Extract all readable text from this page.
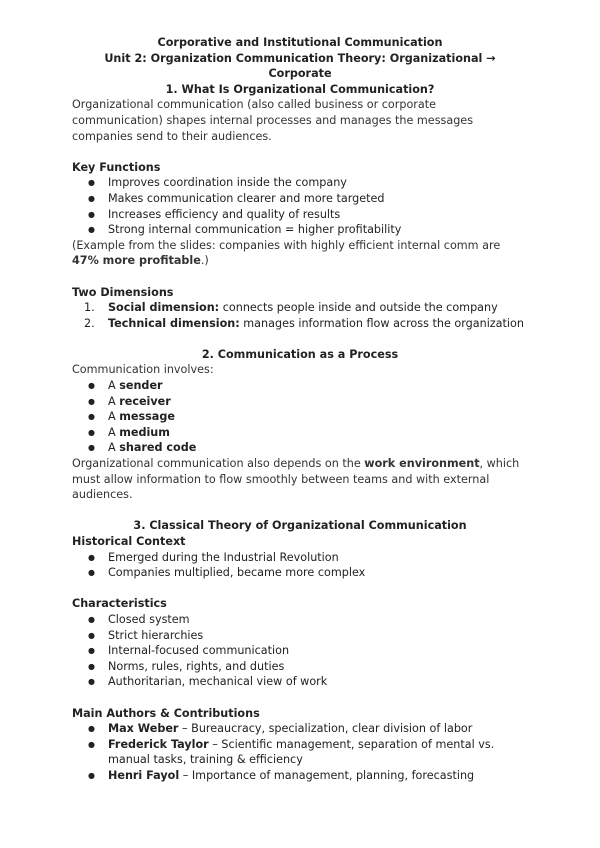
Corporative and Institutional Communication

Unit 2: Organization Communication Theory: Organizational → Corporate

1. What Is Organizational Communication?

Organizational communication (also called business or corporate communication) shapes internal processes and manages the messages companies send to their audiences.

Key Functions

● Improves coordination inside the company
● Makes communication clearer and more targeted
● Increases efficiency and quality of results
● Strong internal communication = higher profitability

(Example from the slides: companies with highly efficient internal comm are 47% more profitable.)

Two Dimensions

1. Social dimension: connects people inside and outside the company
2. Technical dimension: manages information flow across the organization

2. Communication as a Process

Communication involves:

● A sender
● A receiver
● A message
● A medium
● A shared code

Organizational communication also depends on the work environment, which must allow information to flow smoothly between teams and with external audiences.

3. Classical Theory of Organizational Communication

Historical Context

● Emerged during the Industrial Revolution
● Companies multiplied, became more complex

Characteristics

● Closed system
● Strict hierarchies
● Internal-focused communication
● Norms, rules, rights, and duties
● Authoritarian, mechanical view of work

Main Authors & Contributions

● Max Weber – Bureaucracy, specialization, clear division of labor
● Frederick Taylor – Scientific management, separation of mental vs. manual tasks, training & efficiency
● Henri Fayol – Importance of management, planning, forecasting
